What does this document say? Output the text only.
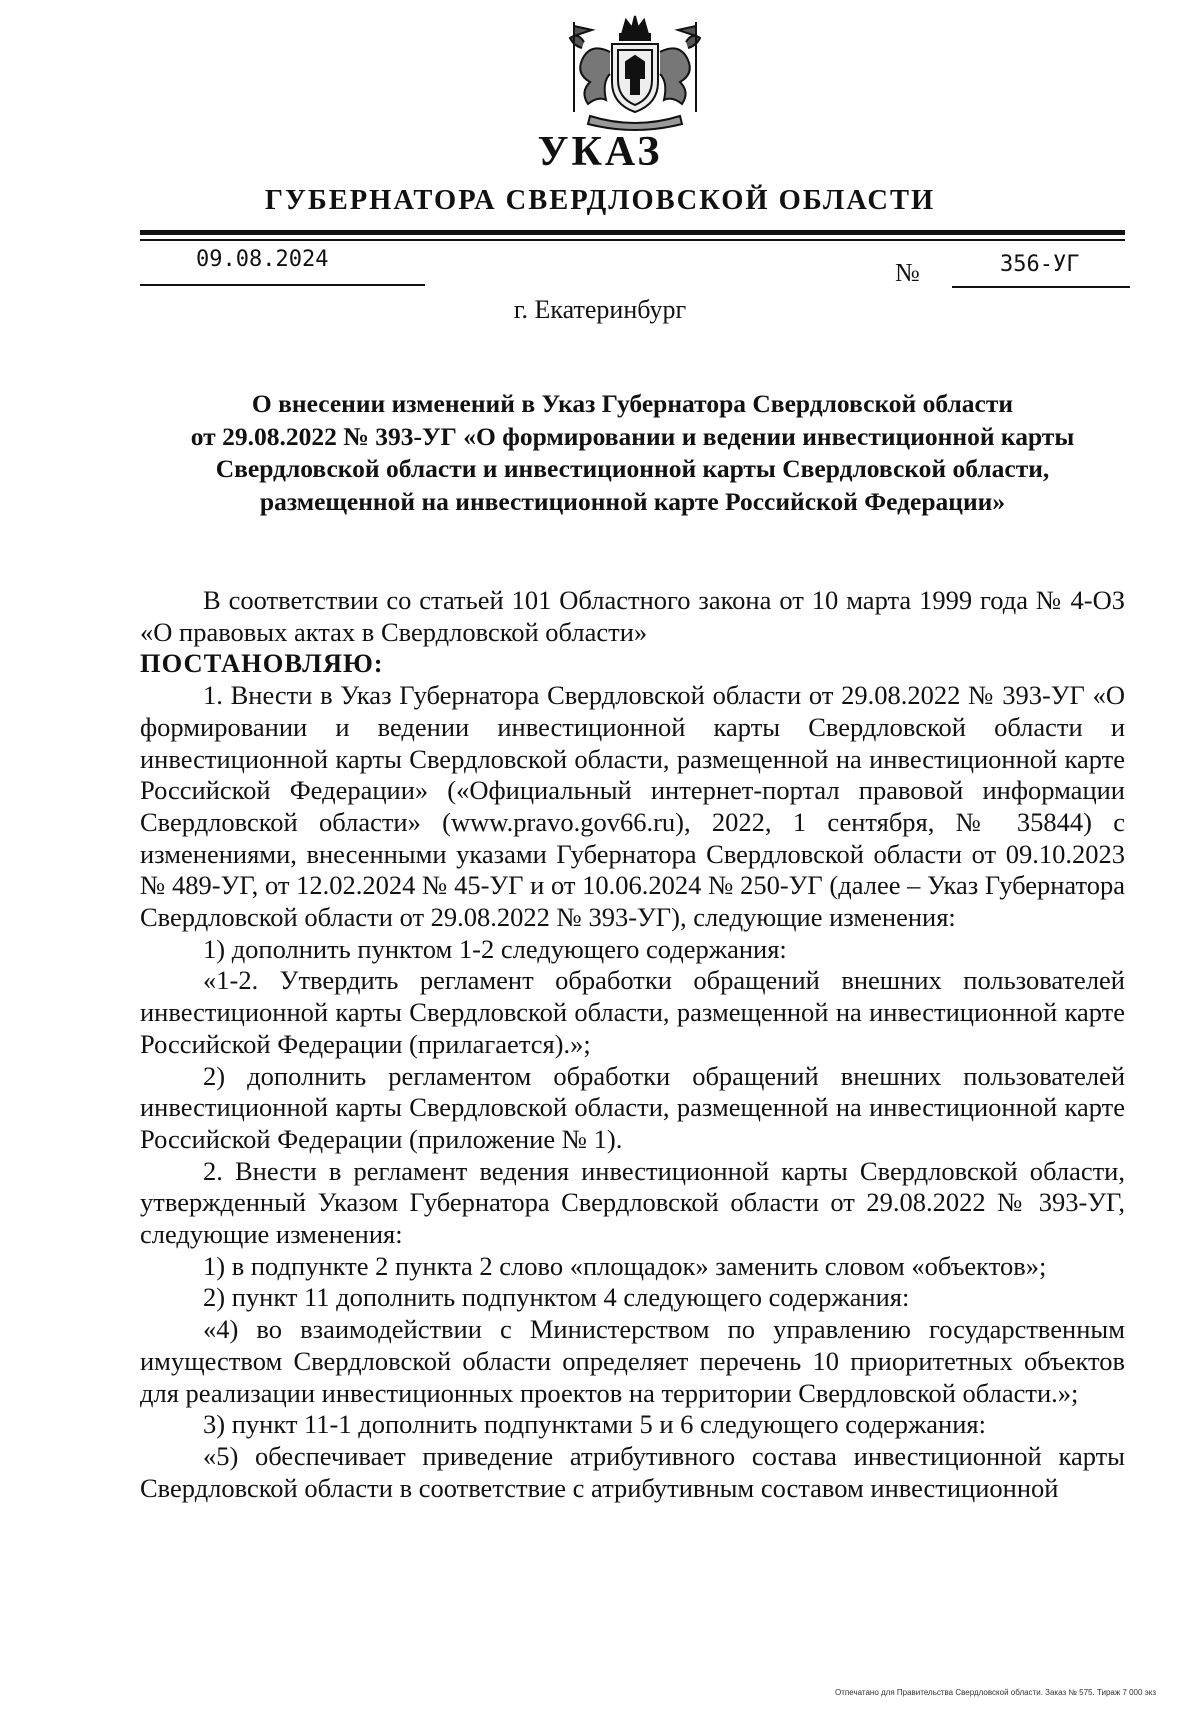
УКАЗ
ГУБЕРНАТОРА СВЕРДЛОВСКОЙ ОБЛАСТИ
09.08.2024	№	356-УГ
г. Екатеринбург
О внесении изменений в Указ Губернатора Свердловской области
от 29.08.2022 № 393-УГ «О формировании и ведении инвестиционной карты
Свердловской области и инвестиционной карты Свердловской области,
размещенной на инвестиционной карте Российской Федерации»
В соответствии со статьей 101 Областного закона от 10 марта 1999 года № 4-ОЗ «О правовых актах в Свердловской области»
ПОСТАНОВЛЯЮ:
1. Внести в Указ Губернатора Свердловской области от 29.08.2022 № 393-УГ «О формировании и ведении инвестиционной карты Свердловской области и инвестиционной карты Свердловской области, размещенной на инвестиционной карте Российской Федерации» («Официальный интернет-портал правовой информации Свердловской области» (www.pravo.gov66.ru), 2022, 1 сентября, № 35844) с изменениями, внесенными указами Губернатора Свердловской области от 09.10.2023 № 489-УГ, от 12.02.2024 № 45-УГ и от 10.06.2024 № 250-УГ (далее – Указ Губернатора Свердловской области от 29.08.2022 № 393-УГ), следующие изменения:
1) дополнить пунктом 1-2 следующего содержания:
«1-2. Утвердить регламент обработки обращений внешних пользователей инвестиционной карты Свердловской области, размещенной на инвестиционной карте Российской Федерации (прилагается).»;
2) дополнить регламентом обработки обращений внешних пользователей инвестиционной карты Свердловской области, размещенной на инвестиционной карте Российской Федерации (приложение № 1).
2. Внести в регламент ведения инвестиционной карты Свердловской области, утвержденный Указом Губернатора Свердловской области от 29.08.2022 № 393-УГ, следующие изменения:
1) в подпункте 2 пункта 2 слово «площадок» заменить словом «объектов»;
2) пункт 11 дополнить подпунктом 4 следующего содержания:
«4) во взаимодействии с Министерством по управлению государственным имуществом Свердловской области определяет перечень 10 приоритетных объектов для реализации инвестиционных проектов на территории Свердловской области.»;
3) пункт 11-1 дополнить подпунктами 5 и 6 следующего содержания:
«5) обеспечивает приведение атрибутивного состава инвестиционной карты Свердловской области в соответствие с атрибутивным составом инвестиционной
Отпечатано для Правительства Свердловской области. Заказ № 575. Тираж 7 000 экз
